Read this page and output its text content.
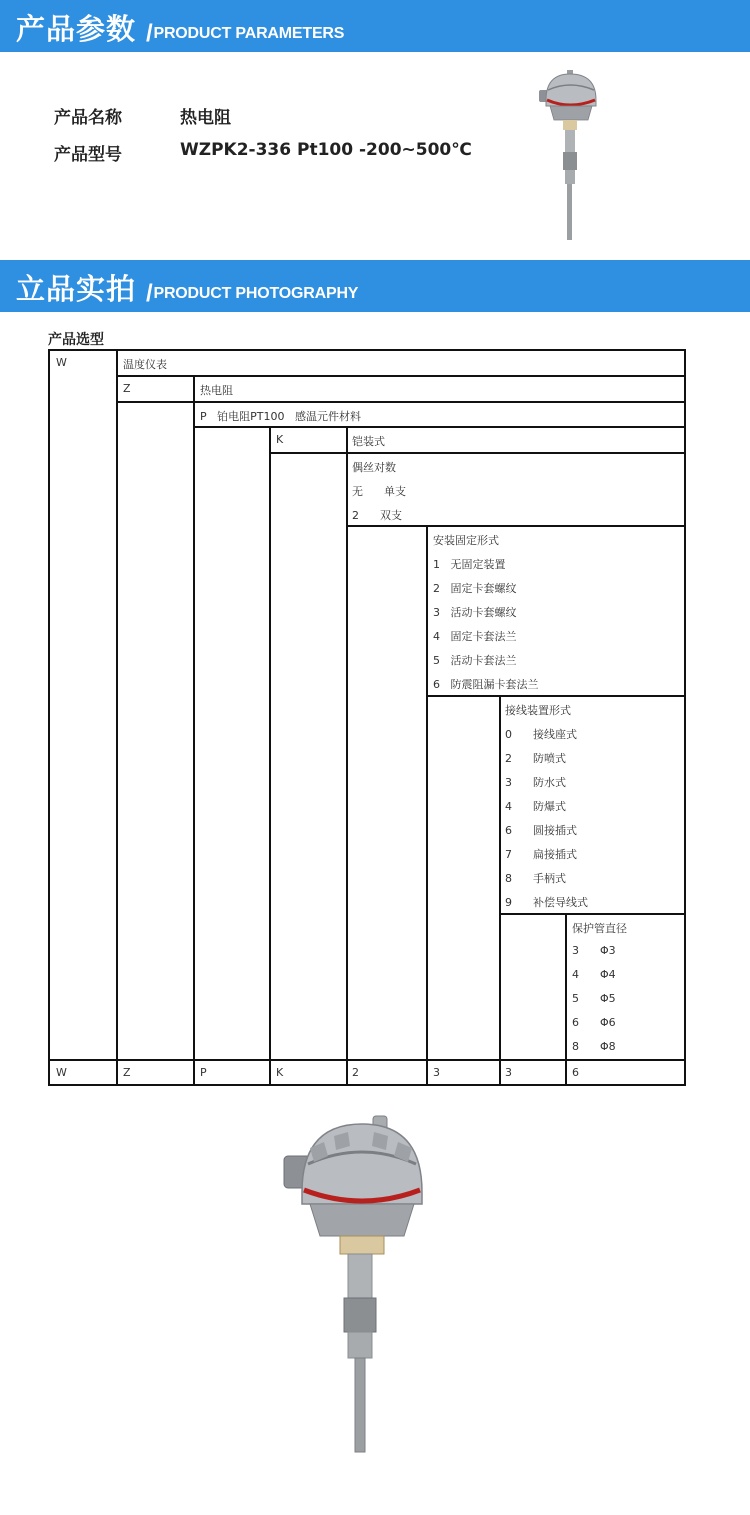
产品参数 /PRODUCT PARAMETERS
产品名称	热电阻
产品型号	WZPK2-336 Pt100 -200~500℃
立品实拍 /PRODUCT PHOTOGRAPHY
产品选型
W	温度仪表
Z	热电阻
P   铂电阻PT100   感温元件材料
K	铠装式
偶丝对数
无      单支
2      双支
安装固定形式
1   无固定装置
2   固定卡套螺纹
3   活动卡套螺纹
4   固定卡套法兰
5   活动卡套法兰
6   防震阻漏卡套法兰
接线装置形式
0      接线座式
2      防喷式
3      防水式
4      防爆式
6      圆接插式
7      扁接插式
8      手柄式
9      补偿导线式
保护管直径
3      Φ3
4      Φ4
5      Φ5
6      Φ6
8      Φ8
W	Z	P	K	2	3	3	6
